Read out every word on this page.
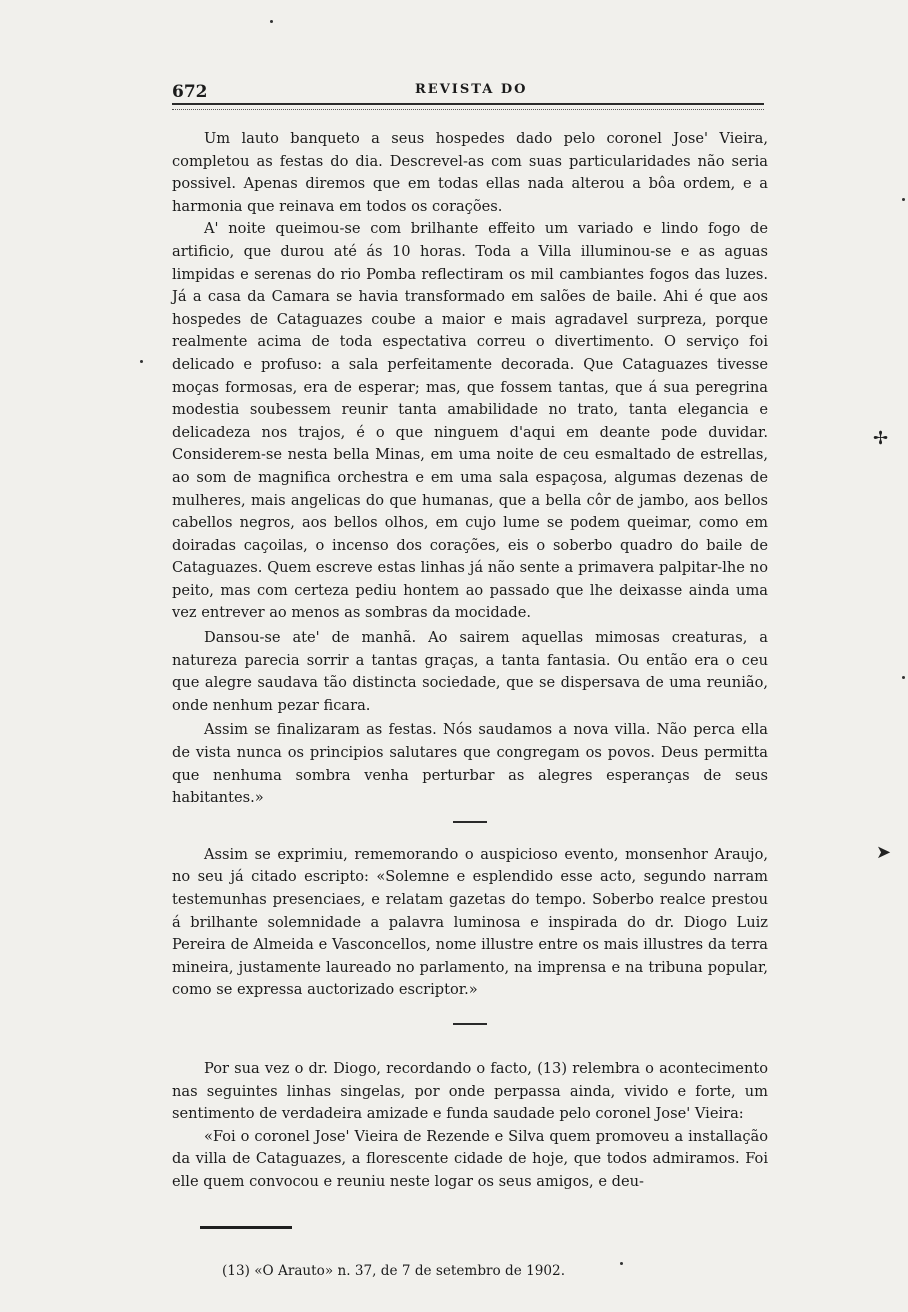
672	REVISTA DO

Um lauto banqueto a seus hospedes dado pelo coronel Jose' Vieira, completou as festas do dia. Descrevel-as com suas particularidades não seria possivel. Apenas diremos que em todas ellas nada alterou a bôa ordem, e a harmonia que reinava em todos os corações.

A' noite queimou-se com brilhante effeito um variado e lindo fogo de artificio, que durou até ás 10 horas. Toda a Villa illuminou-se e as aguas limpidas e serenas do rio Pomba reflectiram os mil cambiantes fogos das luzes. Já a casa da Camara se havia transformado em salões de baile. Ahi é que aos hospedes de Cataguazes coube a maior e mais agradavel surpreza, porque realmente acima de toda espectativa correu o divertimento. O serviço foi delicado e profuso: a sala perfeitamente decorada. Que Cataguazes tivesse moças formosas, era de esperar; mas, que fossem tantas, que á sua peregrina modestia soubessem reunir tanta amabilidade no trato, tanta elegancia e delicadeza nos trajos, é o que ninguem d'aqui em deante pode duvidar. Considerem-se nesta bella Minas, em uma noite de ceu esmaltado de estrellas, ao som de magnifica orchestra e em uma sala espaçosa, algumas dezenas de mulheres, mais angelicas do que humanas, que a bella côr de jambo, aos bellos cabellos negros, aos bellos olhos, em cujo lume se podem queimar, como em doiradas caçoilas, o incenso dos corações, eis o soberbo quadro do baile de Cataguazes. Quem escreve estas linhas já não sente a primavera palpitar-lhe no peito, mas com certeza pediu hontem ao passado que lhe deixasse ainda uma vez entrever ao menos as sombras da mocidade.

Dansou-se ate' de manhã. Ao sairem aquellas mimosas creaturas, a natureza parecia sorrir a tantas graças, a tanta fantasia. Ou então era o ceu que alegre saudava tão distincta sociedade, que se dispersava de uma reunião, onde nenhum pezar ficara.

Assim se finalizaram as festas. Nós saudamos a nova villa. Não perca ella de vista nunca os principios salutares que congregam os povos. Deus permitta que nenhuma sombra venha perturbar as alegres esperanças de seus habitantes.»

Assim se exprimiu, rememorando o auspicioso evento, monsenhor Araujo, no seu já citado escripto: «Solemne e esplendido esse acto, segundo narram testemunhas presenciaes, e relatam gazetas do tempo. Soberbo realce prestou á brilhante solemnidade a palavra luminosa e inspirada do dr. Diogo Luiz Pereira de Almeida e Vasconcellos, nome illustre entre os mais illustres da terra mineira, justamente laureado no parlamento, na imprensa e na tribuna popular, como se expressa auctorizado escriptor.»

Por sua vez o dr. Diogo, recordando o facto, (13) relembra o acontecimento nas seguintes linhas singelas, por onde perpassa ainda, vivido e forte, um sentimento de verdadeira amizade e funda saudade pelo coronel Jose' Vieira:

«Foi o coronel Jose' Vieira de Rezende e Silva quem promoveu a installação da villa de Cataguazes, a florescente cidade de hoje, que todos admiramos. Foi elle quem convocou e reuniu neste logar os seus amigos, e deu-

(13) «O Arauto» n. 37, de 7 de setembro de 1902.
✢
➤
